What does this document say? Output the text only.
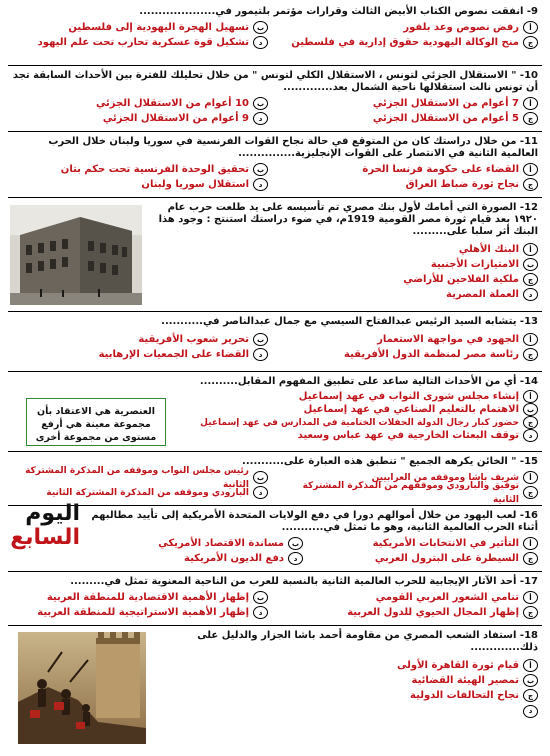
9- انفقت نصوص الكتاب الأبيض الثالث وقرارات مؤتمر بلتيمور في....................
أ
رفض نصوص وعد بلفور
ب
تسهيل الهجرة اليهودية إلى فلسطين
ج
منح الوكالة اليهودية حقوق إدارية في فلسطين
د
تشكيل قوة عسكرية تحارب تحت علم اليهود
10- " الاستقلال الجزئي لتونس ، الاستقلال الكلي لتونس " من خلال تحليلك للفترة بين الأحداث السابقة تجد أن تونس نالت استقلالها ناحية الشمال بعد.............
أ
7 أعوام من الاستقلال الجزئي
ب
10 أعوام من الاستقلال الجزئي
ج
5 أعوام من الاستقلال الجزئي
د
9 أعوام من الاستقلال الجزئي
11- من خلال دراستك كان من المتوقع في حالة نجاح القوات الفرنسية في سوريا ولبنان خلال الحرب العالمية الثانية في الانتصار على القوات الإنجليزية...............
أ
القضاء على حكومة فرنسا الحرة
ب
تحقيق الوحدة الفرنسية تحت حكم بتان
ج
نجاح ثورة ضباط العراق
د
استقلال سوريا ولبنان
12- الصورة التي أمامك لأول بنك مصري تم تأسيسه على يد طلعت حرب عام ١٩٢٠ بعد قيام ثورة مصر القومية 1919م، في ضوء دراستك استنتج : وجود هذا البنك أثر سلبا على.........
أ
البنك الأهلي
ب
الامتيازات الأجنبية
ج
ملكية الفلاحين للأراضي
د
العملة المصرية
13- يتشابه السيد الرئيس عبدالفتاح السيسي مع جمال عبدالناصر في...........
أ
الجهود في مواجهة الاستعمار
ب
تحرير شعوب الأفريقية
ج
رئاسة مصر لمنظمة الدول الأفريقية
د
القضاء على الجمعيات الإرهابية
14- أي من الأحداث التالية ساعد على تطبيق المفهوم المقابل..........
أ
إنشاء مجلس شورى النواب في عهد إسماعيل
ب
الاهتمام بالتعليم الصناعي في عهد إسماعيل
ج
حضور كبار رجال الدولة الحفلات الختامية في المدارس في عهد إسماعيل
د
توقف البعثات الخارجية في عهد عباس وسعيد
العنصرية هي الاعتقاد بأن مجموعة معينة هي أرفع مستوى من مجموعة أخرى
15- " الخائن يكرهه الجميع " تنطبق هذه العبارة على...........
أ
شريف باشا وموقفه من العرابيين
ب
رئيس مجلس النواب وموقفه من المذكرة المشتركة الثانية
ج
توفيق والبارودي وموقفهم من المذكرة المشتركة الثانية
د
البارودي وموقفه من المذكرة المشتركة الثانية
16- لعب اليهود من خلال أموالهم دورا في دفع الولايات المتحدة الأمريكية إلى تأييد مطالبهم أثناء الحرب العالمية الثانية، وهو ما تمثل في...........
أ
التأثير في الانتخابات الأمريكية
ب
مساندة الاقتصاد الأمريكي
ج
السيطرة على البترول العربي
د
دفع الديون الأمريكية
اليوم
السابع
17- أحد الآثار الإيجابية للحرب العالمية الثانية بالنسبة للعرب من الناحية المعنوية تمثل في.........
أ
تنامي الشعور العربي القومي
ب
إظهار الأهمية الاقتصادية للمنطقة العربية
ج
إظهار المجال الحيوي للدول العربية
د
إظهار الأهمية الاستراتيجية للمنطقة العربية
18- استفاد الشعب المصري من مقاومة أحمد باشا الجزار والدليل على ذلك.............
أ
قيام ثورة القاهرة الأولى
ب
تمصير الهيئة القضائية
ج
نجاح التحالفات الدولية
د
